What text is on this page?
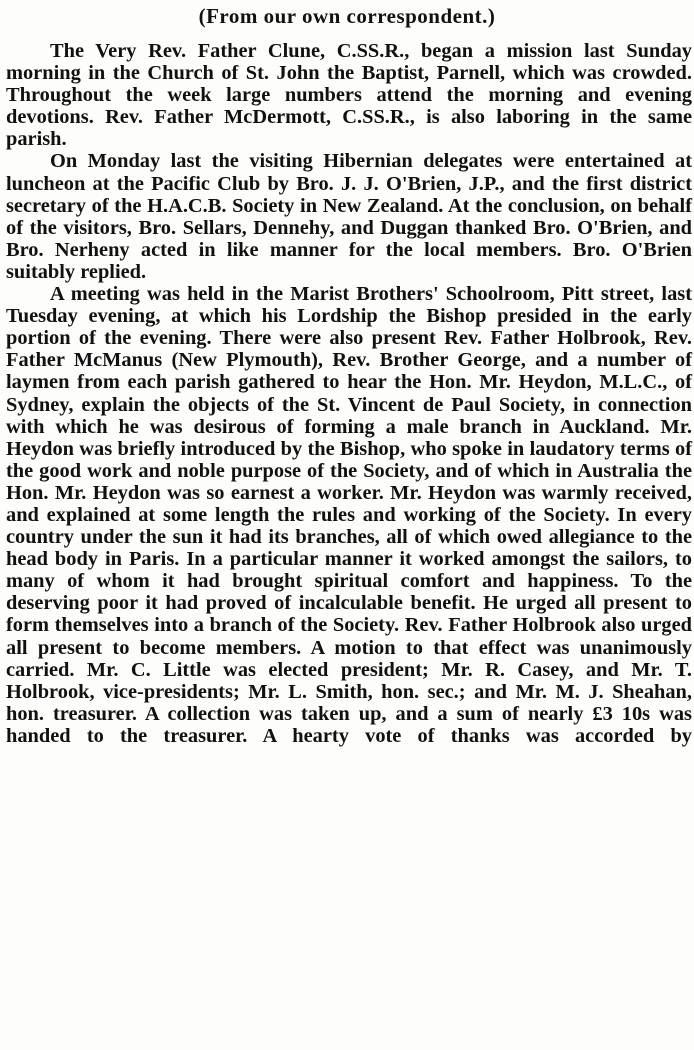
(From our own correspondent.)

The Very Rev. Father Clune, C.SS.R., began a mission last Sunday morning in the Church of St. John the Baptist, Parnell, which was crowded. Throughout the week large numbers attend the morning and evening devotions. Rev. Father McDermott, C.SS.R., is also laboring in the same parish.

On Monday last the visiting Hibernian delegates were entertained at luncheon at the Pacific Club by Bro. J. J. O'Brien, J.P., and the first district secretary of the H.A.C.B. Society in New Zealand. At the conclusion, on behalf of the visitors, Bro. Sellars, Dennehy, and Duggan thanked Bro. O'Brien, and Bro. Nerheny acted in like manner for the local members. Bro. O'Brien suitably replied.

A meeting was held in the Marist Brothers' Schoolroom, Pitt street, last Tuesday evening, at which his Lordship the Bishop presided in the early portion of the evening. There were also present Rev. Father Holbrook, Rev. Father McManus (New Plymouth), Rev. Brother George, and a number of laymen from each parish gathered to hear the Hon. Mr. Heydon, M.L.C., of Sydney, explain the objects of the St. Vincent de Paul Society, in connection with which he was desirous of forming a male branch in Auckland. Mr. Heydon was briefly introduced by the Bishop, who spoke in laudatory terms of the good work and noble purpose of the Society, and of which in Australia the Hon. Mr. Heydon was so earnest a worker. Mr. Heydon was warmly received, and explained at some length the rules and working of the Society. In every country under the sun it had its branches, all of which owed allegiance to the head body in Paris. In a particular manner it worked amongst the sailors, to many of whom it had brought spiritual comfort and happiness. To the deserving poor it had proved of incalculable benefit. He urged all present to form themselves into a branch of the Society. Rev. Father Holbrook also urged all present to become members. A motion to that effect was unanimously carried. Mr. C. Little was elected president; Mr. R. Casey, and Mr. T. Holbrook, vice-presidents; Mr. L. Smith, hon. sec.; and Mr. M. J. Sheahan, hon. treasurer. A collection was taken up, and a sum of nearly £3 10s was handed to the treasurer. A hearty vote of thanks was accorded by
